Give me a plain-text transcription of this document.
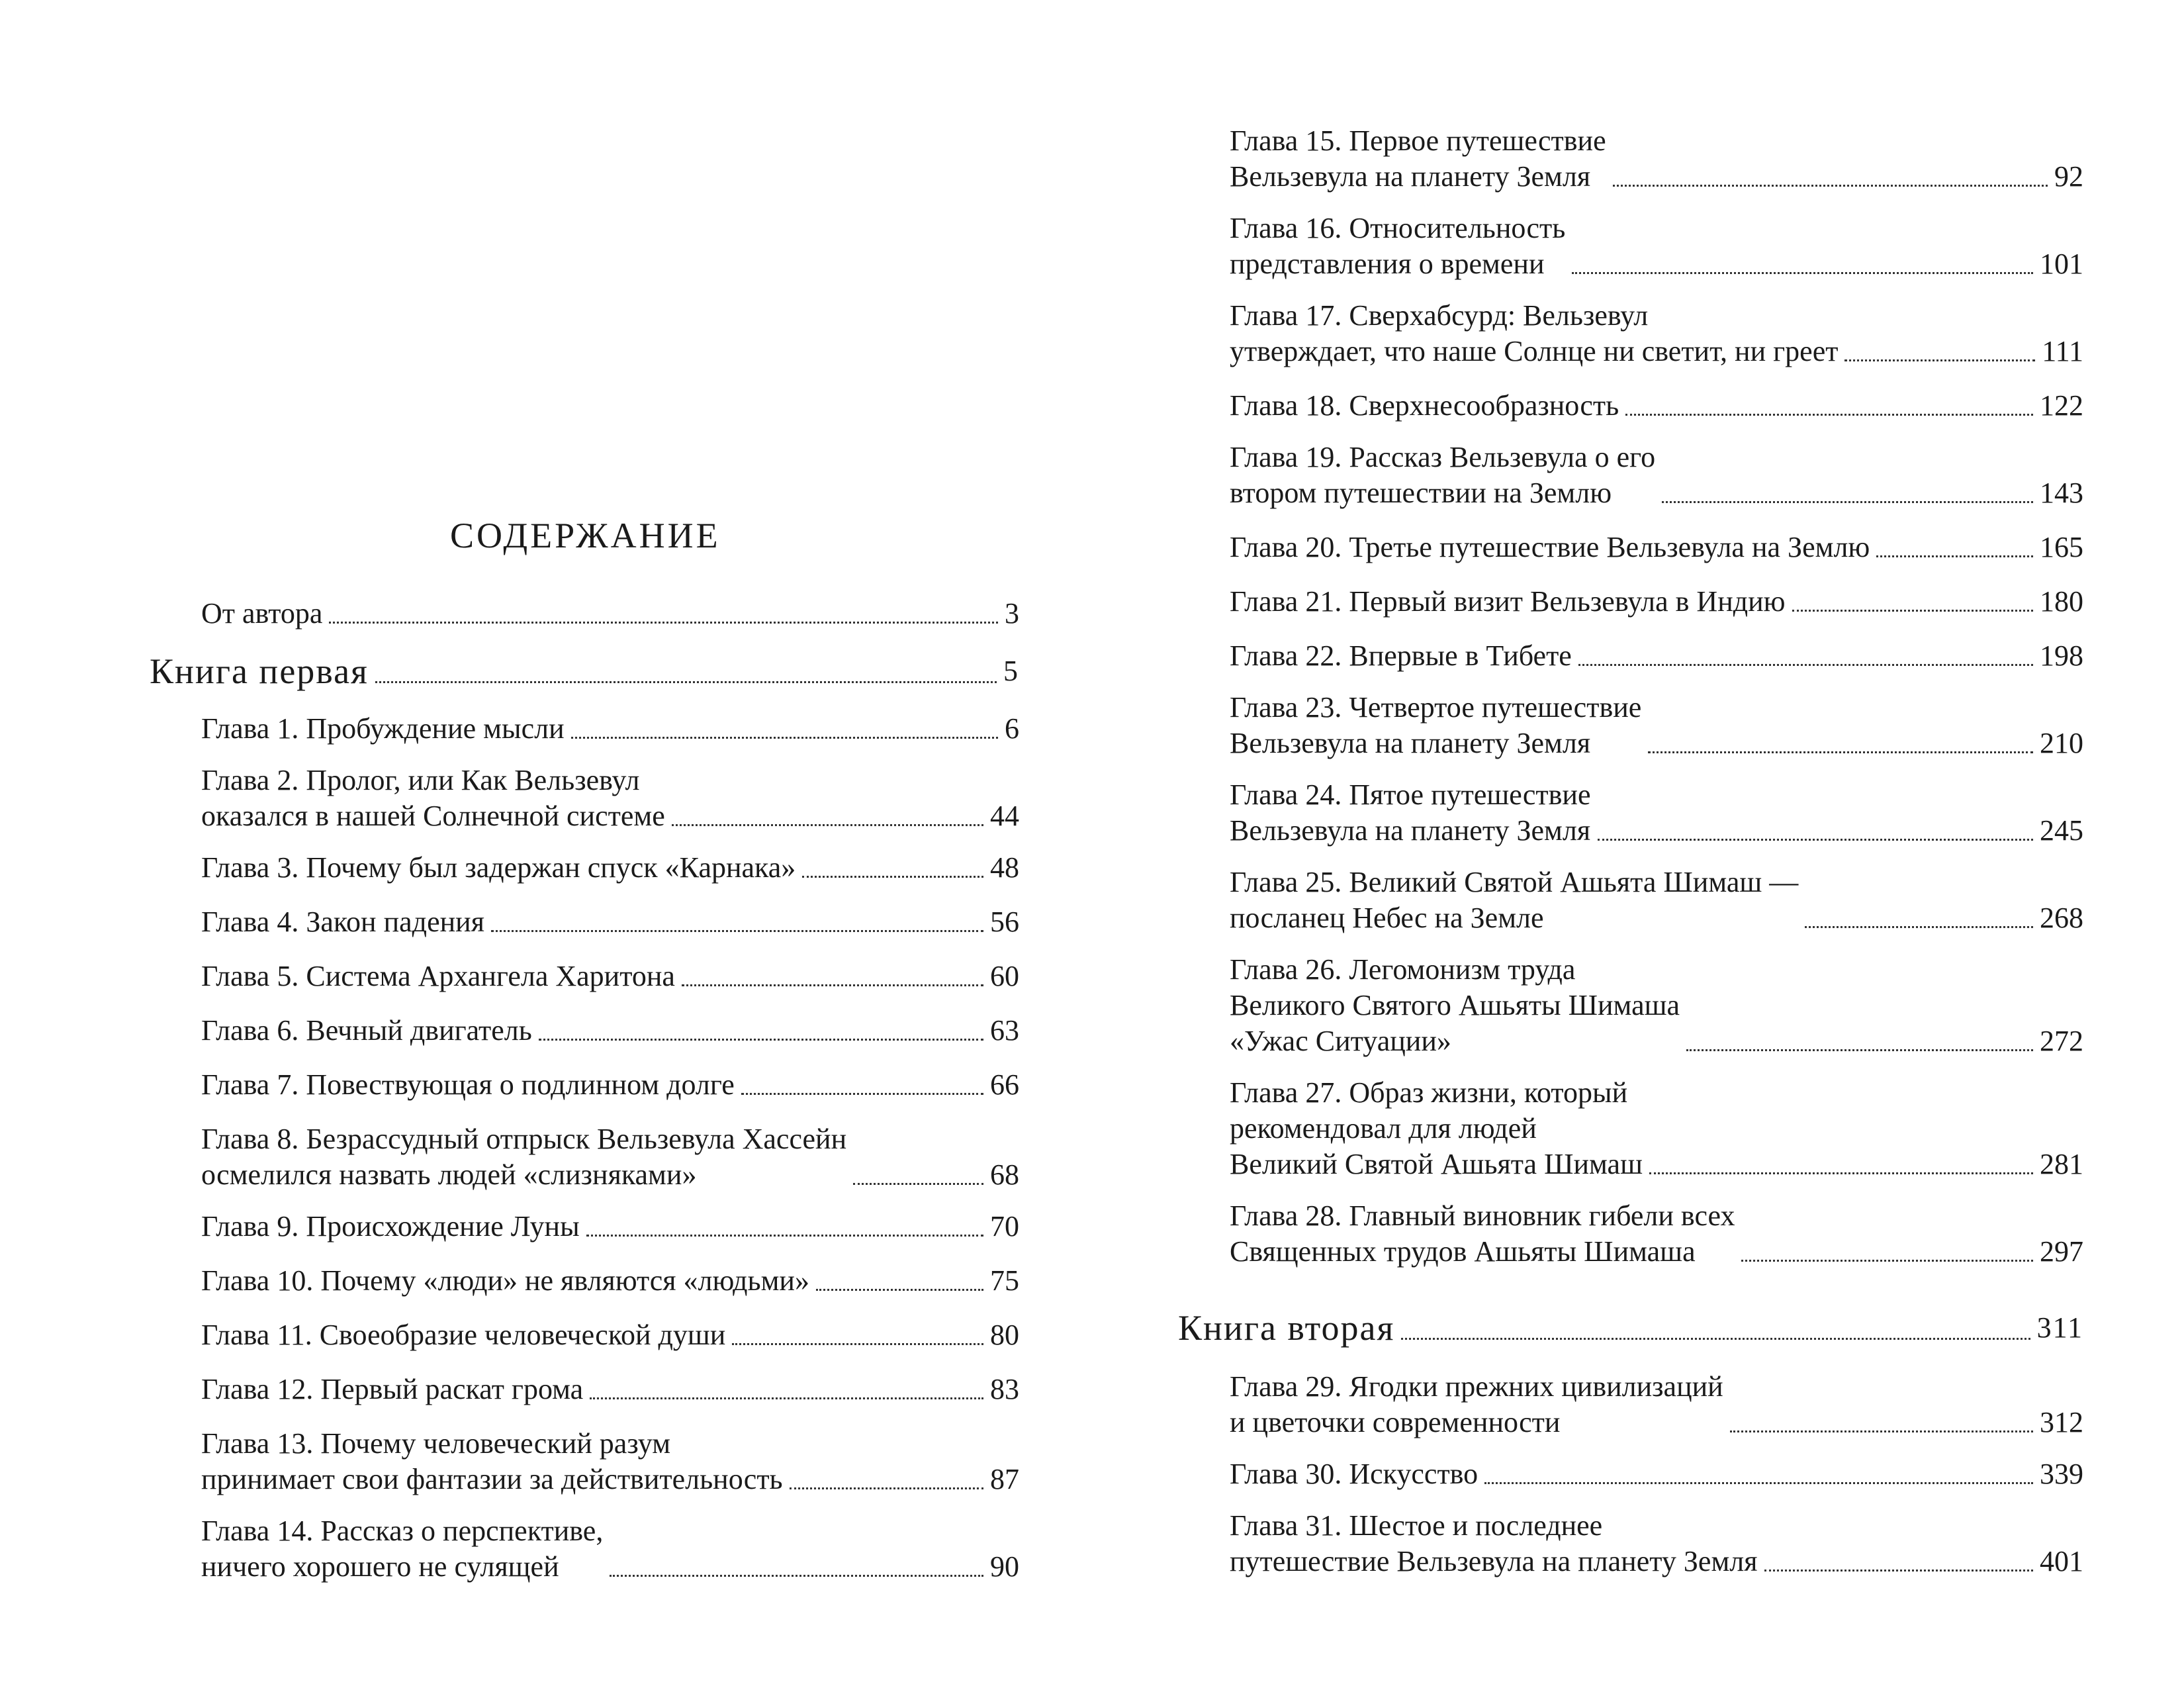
СОДЕРЖАНИЕ
От автора	3
Книга первая	5
Глава 1. Пробуждение мысли	6
Глава 2. Пролог, или Как Вельзевул
оказался в нашей Солнечной системе	44
Глава 3. Почему был задержан спуск «Карнака»	48
Глава 4. Закон падения	56
Глава 5. Система Архангела Харитона	60
Глава 6. Вечный двигатель	63
Глава 7. Повествующая о подлинном долге	66
Глава 8. Безрассудный отпрыск Вельзевула Хассейн
осмелился назвать людей «слизняками»	68
Глава 9. Происхождение Луны	70
Глава 10. Почему «люди» не являются «людьми»	75
Глава 11. Своеобразие человеческой души	80
Глава 12. Первый раскат грома	83
Глава 13. Почему человеческий разум
принимает свои фантазии за действительность	87
Глава 14. Рассказ о перспективе,
ничего хорошего не сулящей	90
Глава 15. Первое путешествие
Вельзевула на планету Земля	92
Глава 16. Относительность
представления о времени	101
Глава 17. Сверхабсурд: Вельзевул
утверждает, что наше Солнце ни светит, ни греет	111
Глава 18. Сверхнесообразность	122
Глава 19. Рассказ Вельзевула о его
втором путешествии на Землю	143
Глава 20. Третье путешествие Вельзевула на Землю	165
Глава 21. Первый визит Вельзевула в Индию	180
Глава 22. Впервые в Тибете	198
Глава 23. Четвертое путешествие
Вельзевула на планету Земля	210
Глава 24. Пятое путешествие
Вельзевула на планету Земля	245
Глава 25. Великий Святой Ашьята Шимаш —
посланец Небес на Земле	268
Глава 26. Легомонизм труда
Великого Святого Ашьяты Шимаша
«Ужас Ситуации»	272
Глава 27. Образ жизни, который
рекомендовал для людей
Великий Святой Ашьята Шимаш	281
Глава 28. Главный виновник гибели всех
Священных трудов Ашьяты Шимаша	297
Книга вторая	311
Глава 29. Ягодки прежних цивилизаций
и цветочки современности	312
Глава 30. Искусство	339
Глава 31. Шестое и последнее
путешествие Вельзевула на планету Земля	401
